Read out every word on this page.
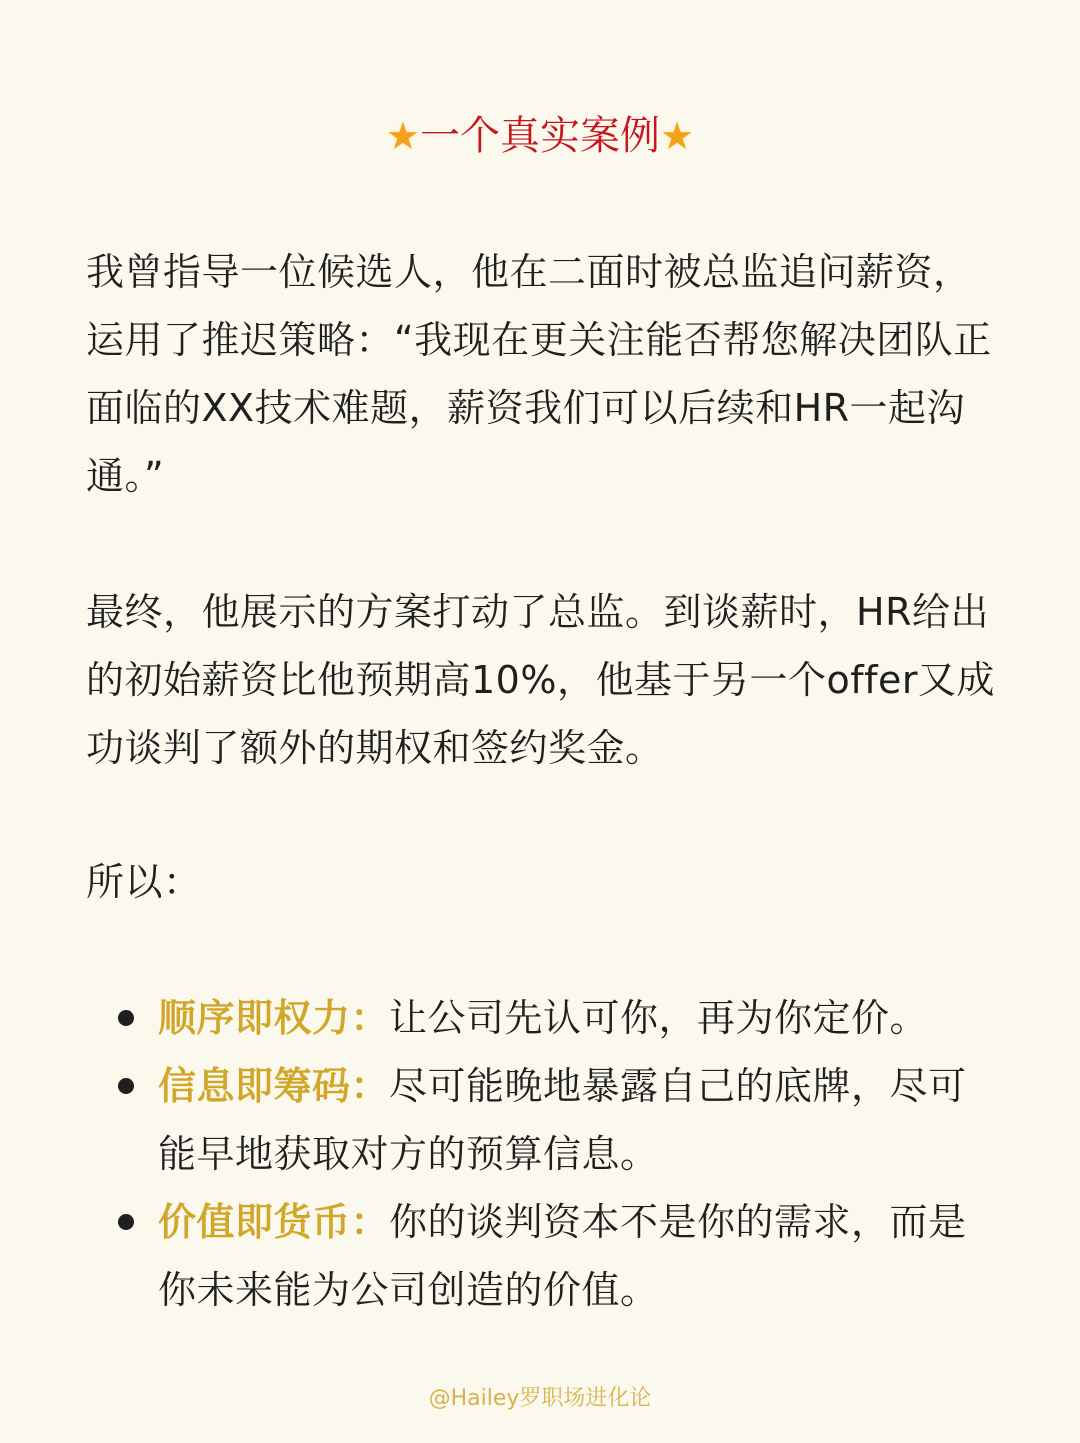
★一个真实案例★
我曾指导一位候选人，他在二面时被总监追问薪资，运用了推迟策略：“我现在更关注能否帮您解决团队正面临的XX技术难题，薪资我们可以后续和HR一起沟通。”
最终，他展示的方案打动了总监。到谈薪时，HR给出的初始薪资比他预期高10%，他基于另一个offer又成功谈判了额外的期权和签约奖金。
所以：
顺序即权力：让公司先认可你，再为你定价。
信息即筹码：尽可能晚地暴露自己的底牌，尽可能早地获取对方的预算信息。
价值即货币：你的谈判资本不是你的需求，而是你未来能为公司创造的价值。
@Hailey罗职场进化论
